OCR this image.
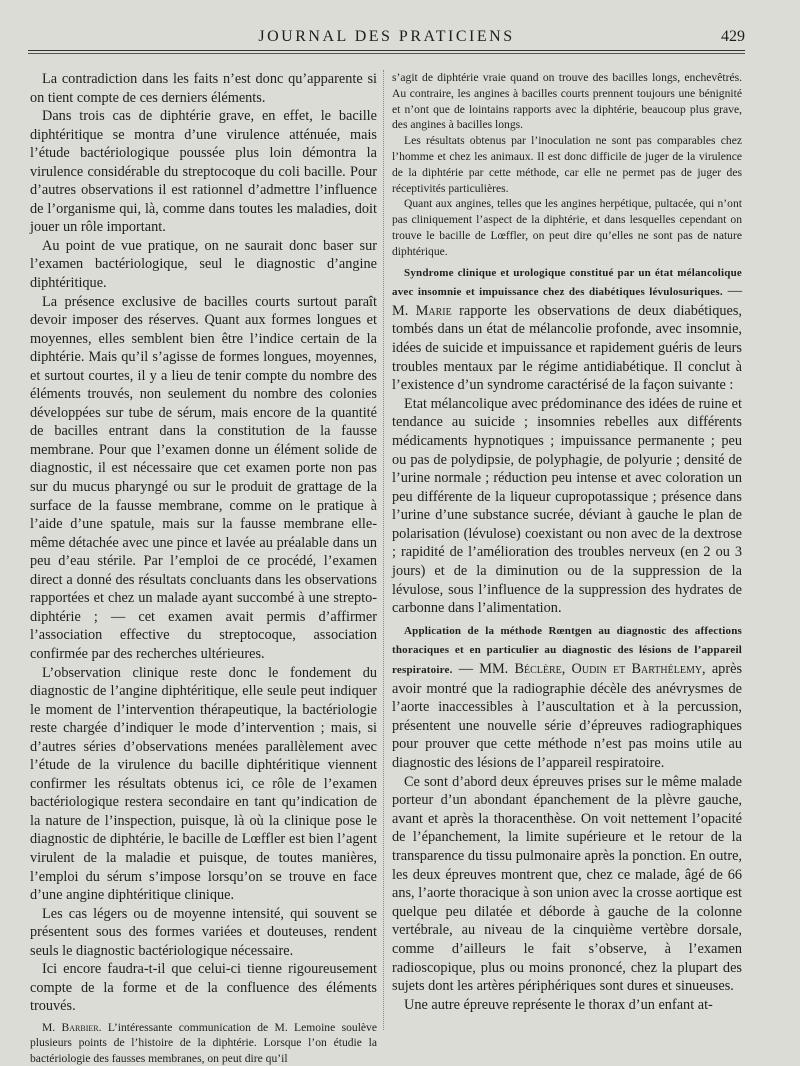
JOURNAL DES PRATICIENS	429

La contradiction dans les faits n’est donc qu’apparente si on tient compte de ces derniers éléments.

Dans trois cas de diphtérie grave, en effet, le bacille diphtéritique se montra d’une virulence atténuée, mais l’étude bactériologique poussée plus loin démontra la virulence considérable du streptocoque du coli bacille. Pour d’autres observations il est rationnel d’admettre l’influence de l’organisme qui, là, comme dans toutes les maladies, doit jouer un rôle important.

Au point de vue pratique, on ne saurait donc baser sur l’examen bactériologique, seul le diagnostic d’angine diphtéritique.

La présence exclusive de bacilles courts surtout paraît devoir imposer des réserves. Quant aux formes longues et moyennes, elles semblent bien être l’indice certain de la diphtérie. Mais qu’il s’agisse de formes longues, moyennes, et surtout courtes, il y a lieu de tenir compte du nombre des éléments trouvés, non seulement du nombre des colonies développées sur tube de sérum, mais encore de la quantité de bacilles entrant dans la constitution de la fausse membrane. Pour que l’examen donne un élément solide de diagnostic, il est nécessaire que cet examen porte non pas sur du mucus pharyngé ou sur le produit de grattage de la surface de la fausse membrane, comme on le pratique à l’aide d’une spatule, mais sur la fausse membrane elle-même détachée avec une pince et lavée au préalable dans un peu d’eau stérile. Par l’emploi de ce procédé, l’examen direct a donné des résultats concluants dans les observations rapportées et chez un malade ayant succombé à une strepto-diphtérie ; — cet examen avait permis d’affirmer l’association effective du streptocoque, association confirmée par des recherches ultérieures.

L’observation clinique reste donc le fondement du diagnostic de l’angine diphtéritique, elle seule peut indiquer le moment de l’intervention thérapeutique, la bactériologie reste chargée d’indiquer le mode d’intervention ; mais, si d’autres séries d’observations menées parallèlement avec l’étude de la virulence du bacille diphtéritique viennent confirmer les résultats obtenus ici, ce rôle de l’examen bactériologique restera secondaire en tant qu’indication de la nature de l’inspection, puisque, là où la clinique pose le diagnostic de diphtérie, le bacille de Lœffler est bien l’agent virulent de la maladie et puisque, de toutes manières, l’emploi du sérum s’impose lorsqu’on se trouve en face d’une angine diphtéritique clinique.

Les cas légers ou de moyenne intensité, qui souvent se présentent sous des formes variées et douteuses, rendent seuls le diagnostic bactériologique nécessaire.

Ici encore faudra-t-il que celui-ci tienne rigoureusement compte de la forme et de la confluence des éléments trouvés.

M. Barbier. L’intéressante communication de M. Lemoine soulève plusieurs points de l’histoire de la diphtérie. Lorsque l’on étudie la bactériologie des fausses membranes, on peut dire qu’il

s’agit de diphtérie vraie quand on trouve des bacilles longs, enchevêtrés. Au contraire, les angines à bacilles courts prennent toujours une bénignité et n’ont que de lointains rapports avec la diphtérie, beaucoup plus grave, des angines à bacilles longs.

Les résultats obtenus par l’inoculation ne sont pas comparables chez l’homme et chez les animaux. Il est donc difficile de juger de la virulence de la diphtérie par cette méthode, car elle ne permet pas de juger des réceptivités particulières.

Quant aux angines, telles que les angines herpétique, pultacée, qui n’ont pas cliniquement l’aspect de la diphtérie, et dans lesquelles cependant on trouve le bacille de Lœffler, on peut dire qu’elles ne sont pas de nature diphtérique.

Syndrome clinique et urologique constitué par un état mélancolique avec insomnie et impuissance chez des diabétiques lévulosuriques. — M. Marie rapporte les observations de deux diabétiques, tombés dans un état de mélancolie profonde, avec insomnie, idées de suicide et impuissance et rapidement guéris de leurs troubles mentaux par le régime antidiabétique. Il conclut à l’existence d’un syndrome caractérisé de la façon suivante :

Etat mélancolique avec prédominance des idées de ruine et tendance au suicide ; insomnies rebelles aux différents médicaments hypnotiques ; impuissance permanente ; peu ou pas de polydipsie, de polyphagie, de polyurie ; densité de l’urine normale ; réduction peu intense et avec coloration un peu différente de la liqueur cupropotassique ; présence dans l’urine d’une substance sucrée, déviant à gauche le plan de polarisation (lévulose) coexistant ou non avec de la dextrose ; rapidité de l’amélioration des troubles nerveux (en 2 ou 3 jours) et de la diminution ou de la suppression de la lévulose, sous l’influence de la suppression des hydrates de carbonne dans l’alimentation.

Application de la méthode Rœntgen au diagnostic des affections thoraciques et en particulier au diagnostic des lésions de l’appareil respiratoire. — MM. Béclère, Oudin et Barthélemy, après avoir montré que la radiographie décèle des anévrysmes de l’aorte inaccessibles à l’auscultation et à la percussion, présentent une nouvelle série d’épreuves radiographiques pour prouver que cette méthode n’est pas moins utile au diagnostic des lésions de l’appareil respiratoire.

Ce sont d’abord deux épreuves prises sur le même malade porteur d’un abondant épanchement de la plèvre gauche, avant et après la thoracenthèse. On voit nettement l’opacité de l’épanchement, la limite supérieure et le retour de la transparence du tissu pulmonaire après la ponction. En outre, les deux épreuves montrent que, chez ce malade, âgé de 66 ans, l’aorte thoracique à son union avec la crosse aortique est quelque peu dilatée et déborde à gauche de la colonne vertébrale, au niveau de la cinquième vertèbre dorsale, comme d’ailleurs le fait s’observe, à l’examen radioscopique, plus ou moins prononcé, chez la plupart des sujets dont les artères périphériques sont dures et sinueuses.

Une autre épreuve représente le thorax d’un enfant at-
